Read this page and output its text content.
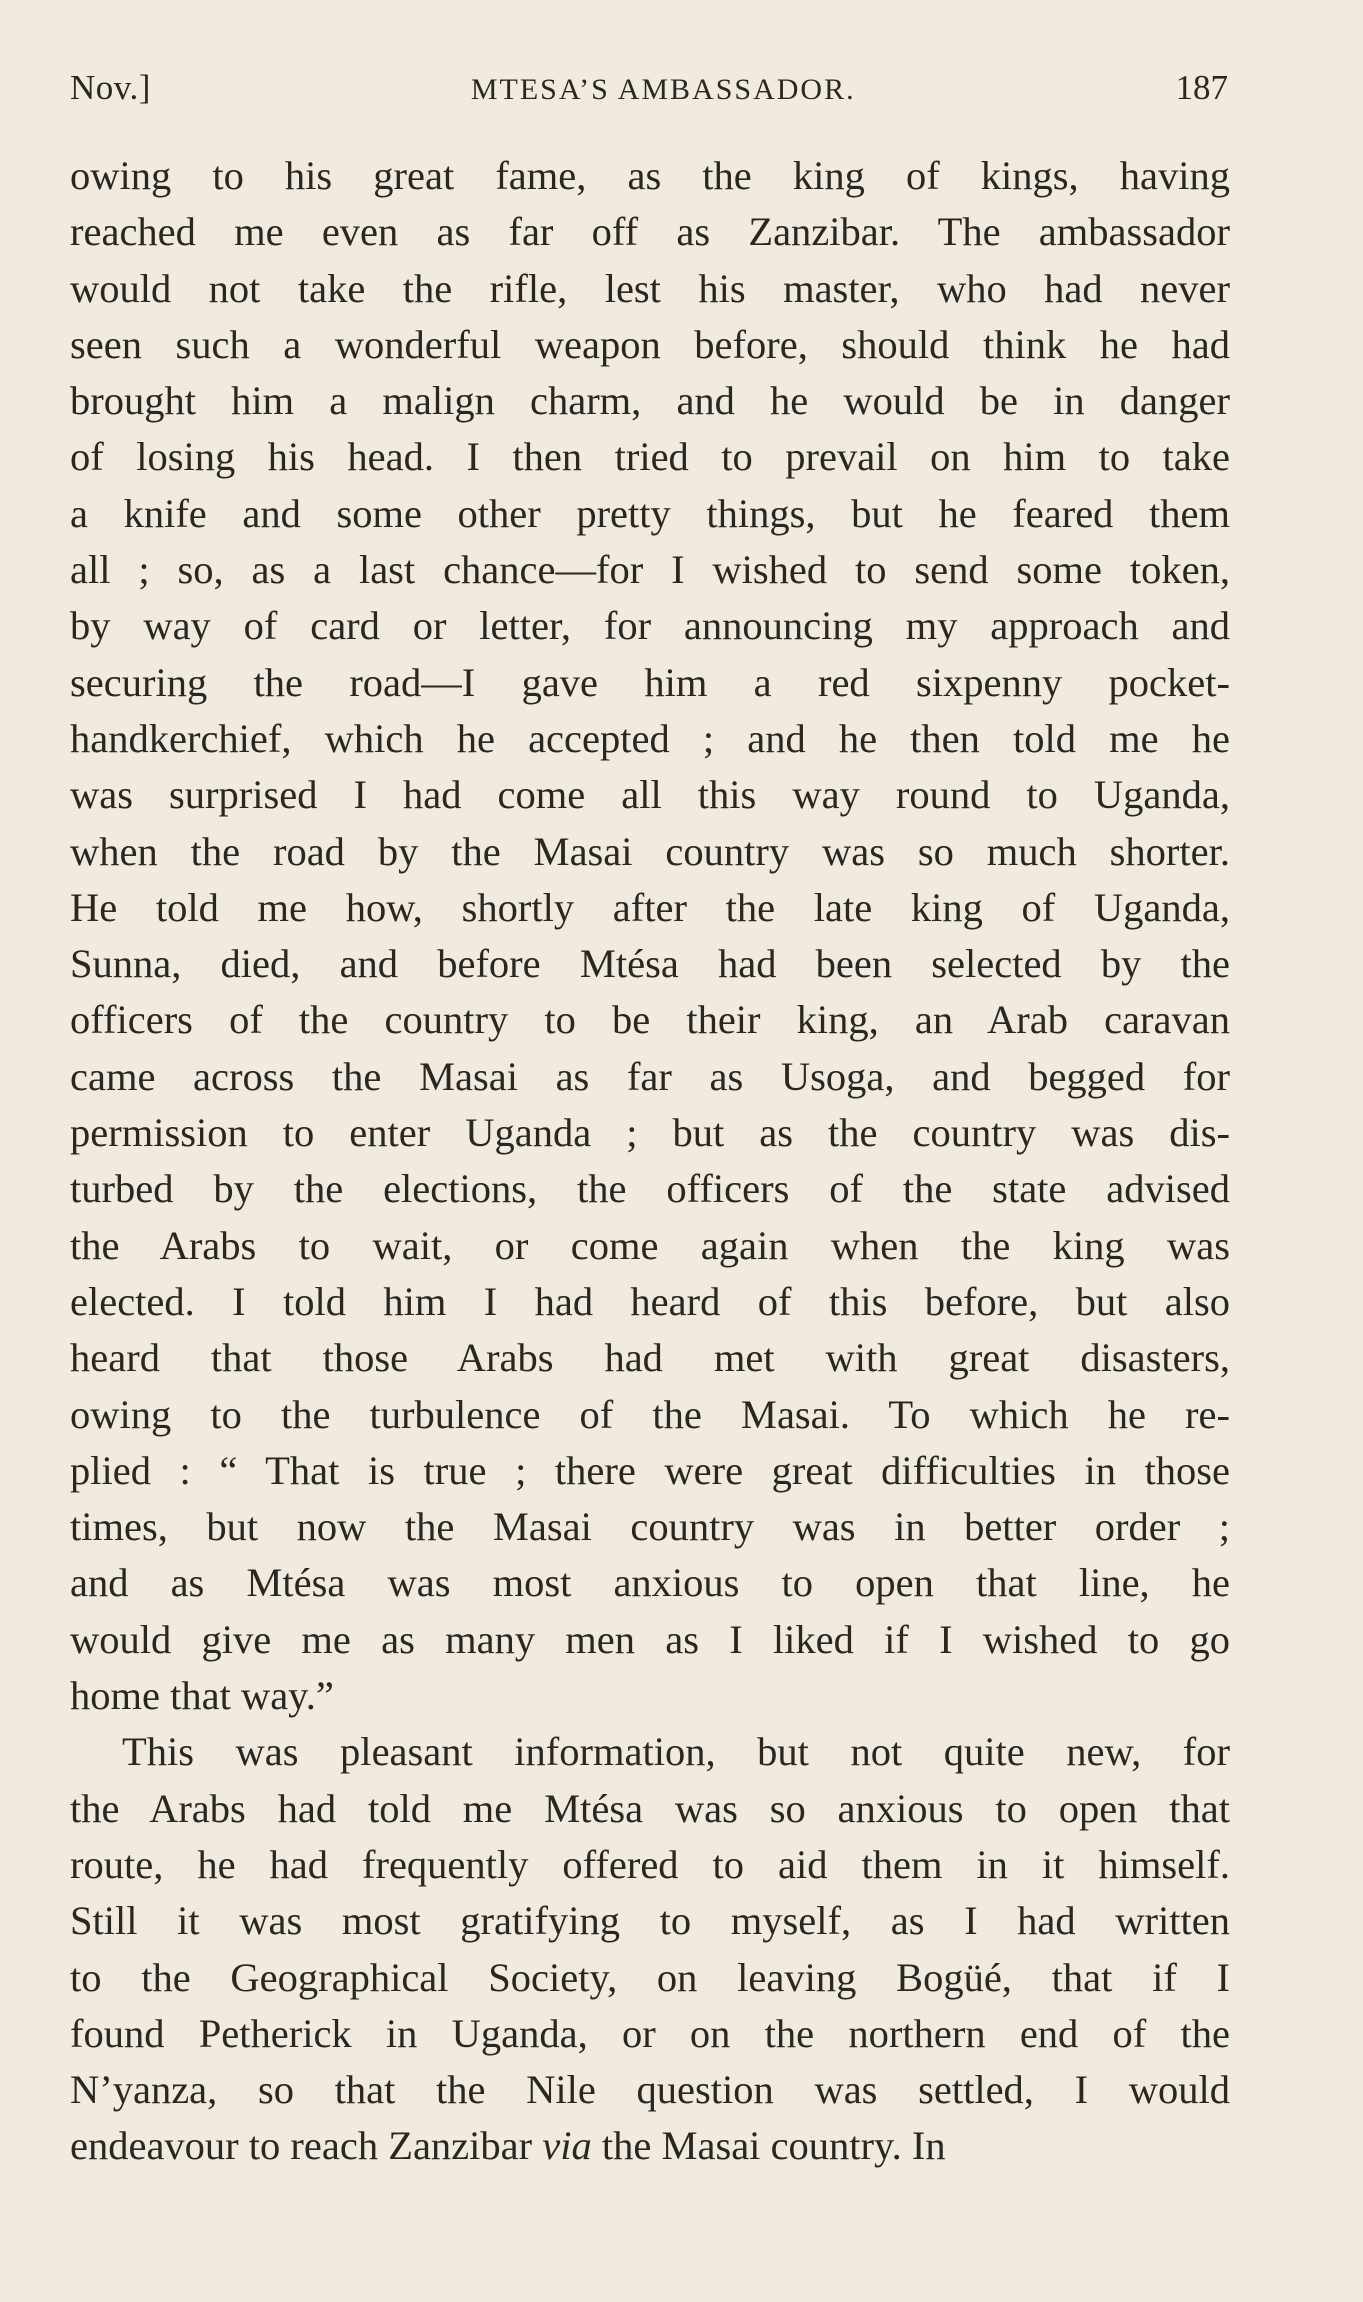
Nov.]	MTESA’S AMBASSADOR.	187
owing to his great fame, as the king of kings, having
reached me even as far off as Zanzibar. The ambassador
would not take the rifle, lest his master, who had never
seen such a wonderful weapon before, should think he had
brought him a malign charm, and he would be in danger
of losing his head. I then tried to prevail on him to take
a knife and some other pretty things, but he feared them
all ; so, as a last chance—for I wished to send some token,
by way of card or letter, for announcing my approach and
securing the road—I gave him a red sixpenny pocket-
handkerchief, which he accepted ; and he then told me he
was surprised I had come all this way round to Uganda,
when the road by the Masai country was so much shorter.
He told me how, shortly after the late king of Uganda,
Sunna, died, and before Mtésa had been selected by the
officers of the country to be their king, an Arab caravan
came across the Masai as far as Usoga, and begged for
permission to enter Uganda ; but as the country was dis-
turbed by the elections, the officers of the state advised
the Arabs to wait, or come again when the king was
elected. I told him I had heard of this before, but also
heard that those Arabs had met with great disasters,
owing to the turbulence of the Masai. To which he re-
plied : “ That is true ; there were great difficulties in those
times, but now the Masai country was in better order ;
and as Mtésa was most anxious to open that line, he
would give me as many men as I liked if I wished to go
home that way.”
This was pleasant information, but not quite new, for
the Arabs had told me Mtésa was so anxious to open that
route, he had frequently offered to aid them in it himself.
Still it was most gratifying to myself, as I had written
to the Geographical Society, on leaving Bogüé, that if I
found Petherick in Uganda, or on the northern end of the
N’yanza, so that the Nile question was settled, I would
endeavour to reach Zanzibar via the Masai country. In
